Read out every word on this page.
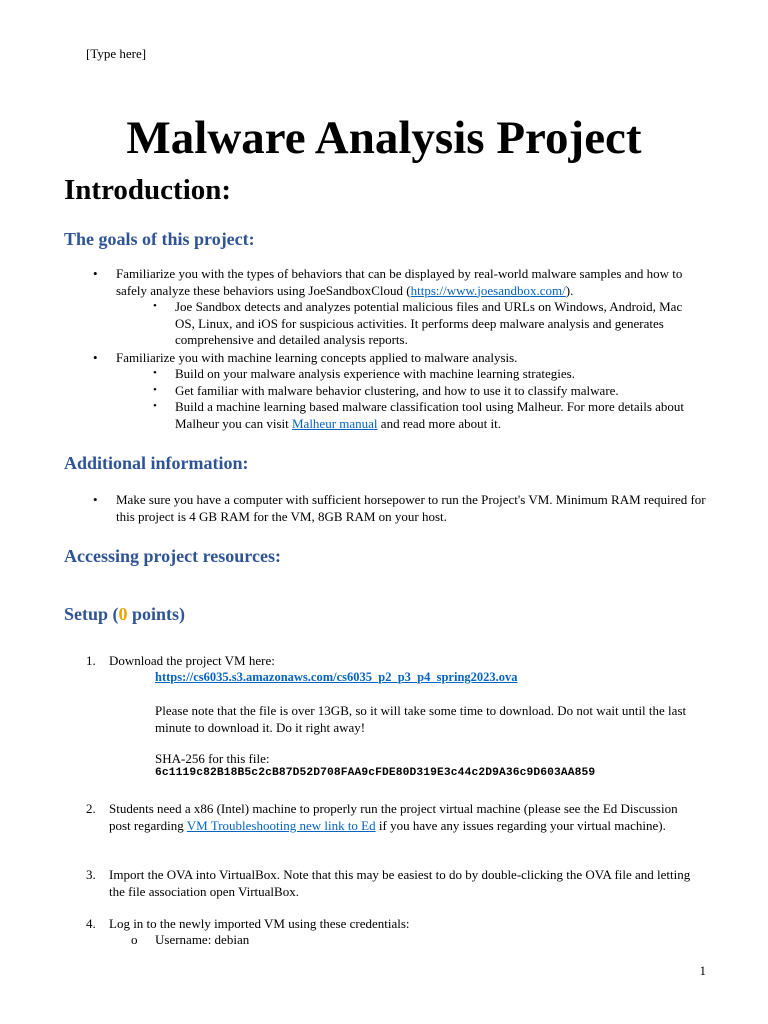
[Type here]
Malware Analysis Project
Introduction:
The goals of this project:
• Familiarize you with the types of behaviors that can be displayed by real-world malware samples and how to safely analyze these behaviors using JoeSandboxCloud (https://www.joesandbox.com/).
• Joe Sandbox detects and analyzes potential malicious files and URLs on Windows, Android, Mac OS, Linux, and iOS for suspicious activities. It performs deep malware analysis and generates comprehensive and detailed analysis reports.
• Familiarize you with machine learning concepts applied to malware analysis.
• Build on your malware analysis experience with machine learning strategies.
• Get familiar with malware behavior clustering, and how to use it to classify malware.
• Build a machine learning based malware classification tool using Malheur. For more details about Malheur you can visit Malheur manual and read more about it.
Additional information:
• Make sure you have a computer with sufficient horsepower to run the Project's VM. Minimum RAM required for this project is 4 GB RAM for the VM, 8GB RAM on your host.
Accessing project resources:
Setup (0 points)
1. Download the project VM here:
https://cs6035.s3.amazonaws.com/cs6035_p2_p3_p4_spring2023.ova
Please note that the file is over 13GB, so it will take some time to download. Do not wait until the last minute to download it. Do it right away!
SHA-256 for this file:
6c1119c82B18B5c2cB87D52D708FAA9cFDE80D319E3c44c2D9A36c9D603AA859
2. Students need a x86 (Intel) machine to properly run the project virtual machine (please see the Ed Discussion post regarding VM Troubleshooting new link to Ed if you have any issues regarding your virtual machine).
3. Import the OVA into VirtualBox. Note that this may be easiest to do by double-clicking the OVA file and letting the file association open VirtualBox.
4. Log in to the newly imported VM using these credentials:
o Username: debian
1
